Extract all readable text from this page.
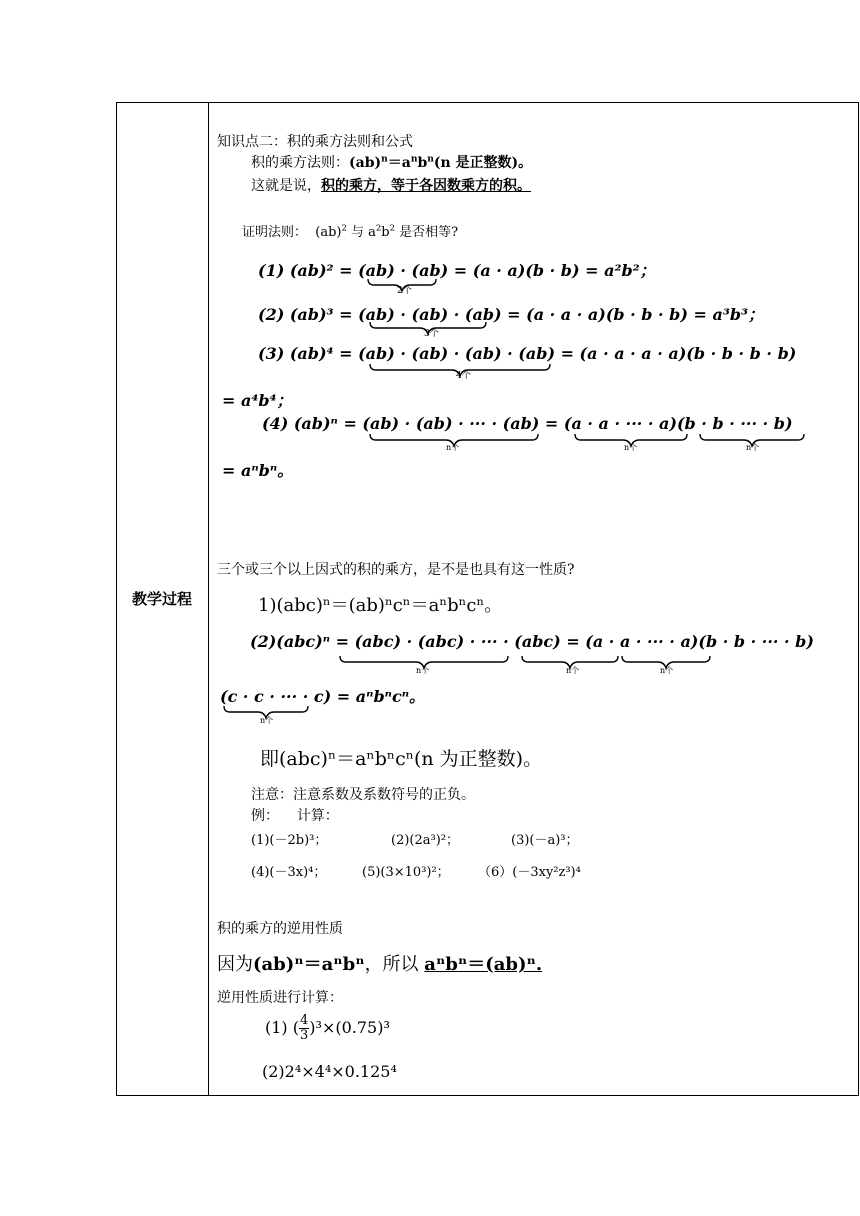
教学过程
知识点二：积的乘方法则和公式
积的乘方法则：$(ab)^n=a^nb^n(n$ 是正整数)。
这就是说，积的乘方，等于各因数乘方的积。
证明法则：  (ab)$^2$ 与 $a^2b^2$ 是否相等?
(1) (ab)² = (ab) · (ab) = (a · a)(b · b) = a²b²；
(2) (ab)³ = (ab) · (ab) · (ab) = (a · a · a)(b · b · b) = a³b³；
(3) (ab)⁴ = (ab) · (ab) · (ab) · (ab) = (a · a · a · a)(b · b · b · b)
= a⁴b⁴；
(4) (ab)ⁿ = (ab) · (ab) · ··· · (ab) = (a · a · ··· · a)(b · b · ··· · b)
= aⁿbⁿ。
2个
3个
4个
n个	n个	n个
三个或三个以上因式的积的乘方，是不是也具有这一性质?
1)(abc)ⁿ＝(ab)ⁿcⁿ＝aⁿbⁿcⁿ。
(2)(abc)ⁿ = (abc) · (abc) · ··· · (abc) = (a · a · ··· · a)(b · b · ··· · b)
(c · c · ··· · c) = aⁿbⁿcⁿ。
n个	n个	n个
n个
即(abc)ⁿ＝aⁿbⁿcⁿ(n 为正整数)。
注意：注意系数及系数符号的正负。
例： 计算：
(1)(－2b)³；	(2)(2a³)²；	(3)(－a)³；
(4)(－3x)⁴；	(5)(3×10³)²； （6）(－3xy²z³)⁴
积的乘方的逆用性质
因为(ab)ⁿ＝aⁿbⁿ，所以 aⁿbⁿ＝(ab)ⁿ.
逆用性质进行计算：
(1) ( $\frac{4}{3} )^3\times(0.75)^3$
(2)2⁴×4⁴×0.125⁴
